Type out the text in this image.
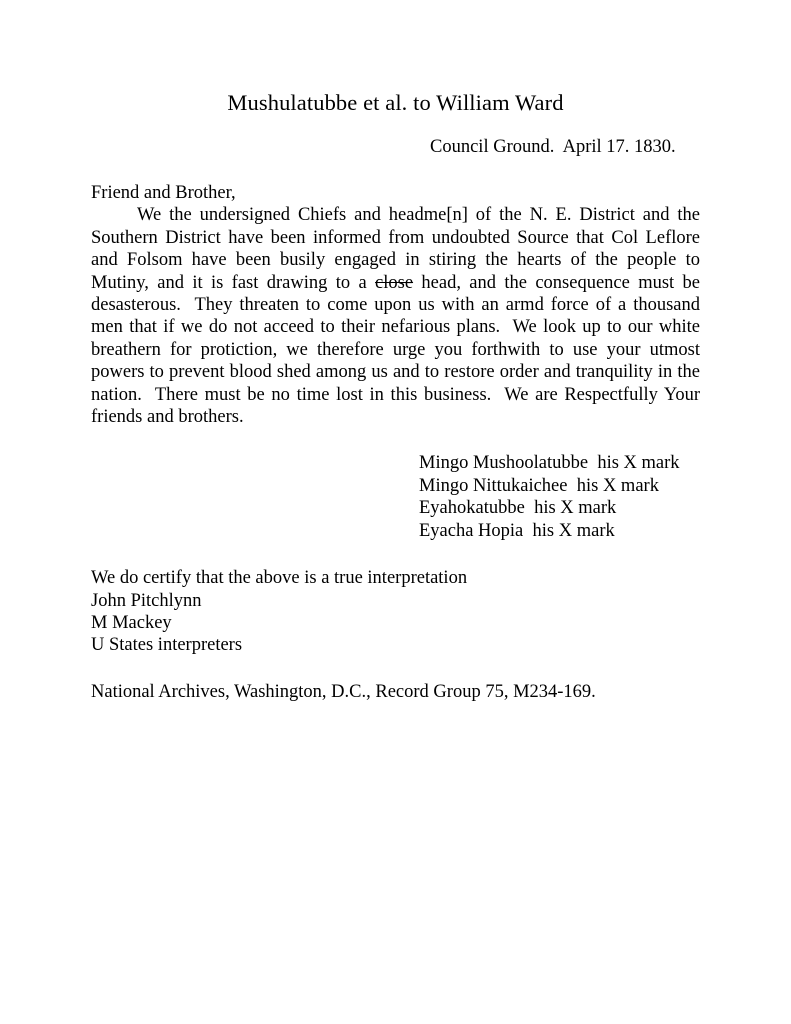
Mushulatubbe et al. to William Ward

Council Ground.  April 17. 1830.

Friend and Brother,

We the undersigned Chiefs and headme[n] of the N. E. District and the Southern District have been informed from undoubted Source that Col Leflore and Folsom have been busily engaged in stiring the hearts of the people to Mutiny, and it is fast drawing to a close head, and the consequence must be desasterous.  They threaten to come upon us with an armd force of a thousand men that if we do not acceed to their nefarious plans.  We look up to our white breathern for protiction, we therefore urge you forthwith to use your utmost powers to prevent blood shed among us and to restore order and tranquility in the nation.  There must be no time lost in this business.  We are Respectfully Your friends and brothers.

Mingo Mushoolatubbe  his X mark
Mingo Nittukaichee  his X mark
Eyahokatubbe  his X mark
Eyacha Hopia  his X mark
We do certify that the above is a true interpretation
John Pitchlynn
M Mackey
U States interpreters

National Archives, Washington, D.C., Record Group 75, M234-169.
